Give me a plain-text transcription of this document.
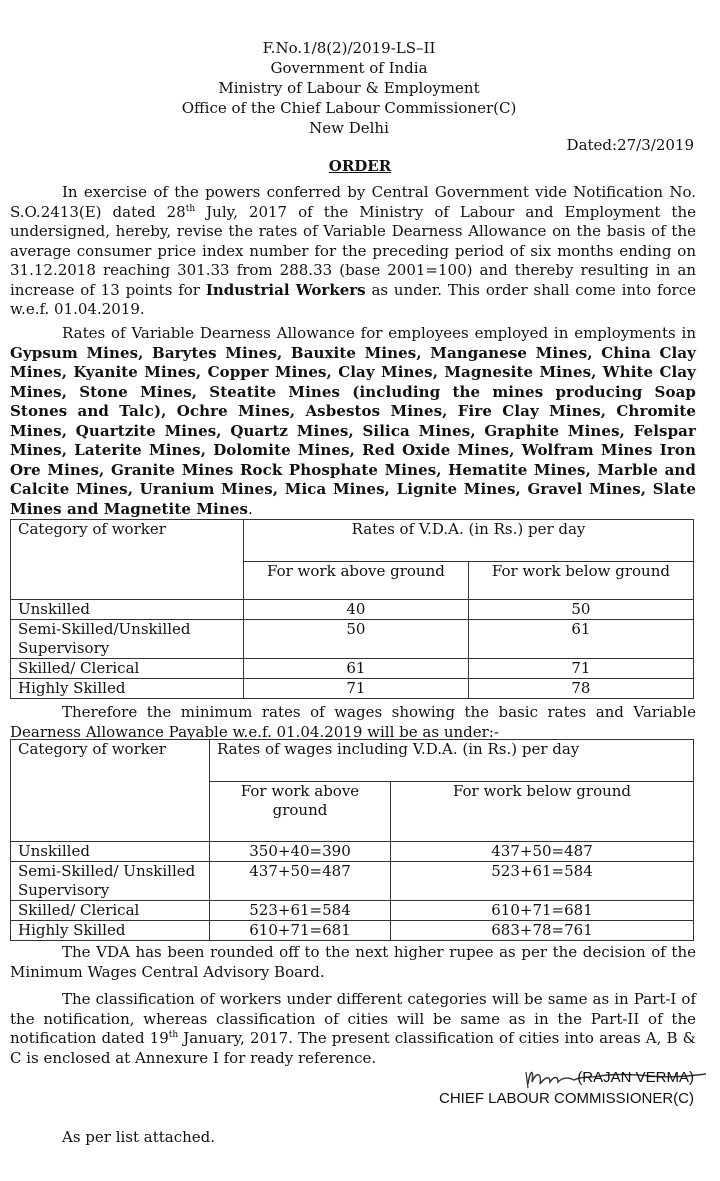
F.No.1/8(2)/2019-LS–II
Government of India
Ministry of Labour & Employment
Office of the Chief Labour Commissioner(C)
New Delhi
Dated:27/3/2019
ORDER
In exercise of the powers conferred by Central Government vide Notification No. S.O.2413(E) dated 28th July, 2017 of the Ministry of Labour and Employment the undersigned, hereby, revise the rates of Variable Dearness Allowance on the basis of the average consumer price index number for the preceding period of six months ending on 31.12.2018 reaching 301.33 from 288.33 (base 2001=100) and thereby resulting in an increase of 13 points for Industrial Workers as under. This order shall come into force w.e.f. 01.04.2019.
Rates of Variable Dearness Allowance for employees employed in employments in Gypsum Mines, Barytes Mines, Bauxite Mines, Manganese Mines, China Clay Mines, Kyanite Mines, Copper Mines, Clay Mines, Magnesite Mines, White Clay Mines, Stone Mines, Steatite Mines (including the mines producing Soap Stones and Talc), Ochre Mines, Asbestos Mines, Fire Clay Mines, Chromite Mines, Quartzite Mines, Quartz Mines, Silica Mines, Graphite Mines, Felspar Mines, Laterite Mines, Dolomite Mines, Red Oxide Mines, Wolfram Mines Iron Ore Mines, Granite Mines Rock Phosphate Mines, Hematite Mines, Marble and Calcite Mines, Uranium Mines, Mica Mines, Lignite Mines, Gravel Mines, Slate Mines and Magnetite Mines.
Category of worker	Rates of V.D.A. (in Rs.) per day	
	For work above ground	For work below ground
Unskilled	40	50
Semi-Skilled/Unskilled Supervisory	50	61
Skilled/ Clerical	61	71
Highly Skilled	71	78
Therefore the minimum rates of wages showing the basic rates and Variable Dearness Allowance Payable w.e.f. 01.04.2019 will be as under:-
Category of worker	Rates of wages including V.D.A. (in Rs.) per day	
	For work above ground	For work below ground
Unskilled	350+40=390	437+50=487
Semi-Skilled/ Unskilled Supervisory	437+50=487	523+61=584
Skilled/ Clerical	523+61=584	610+71=681
Highly Skilled	610+71=681	683+78=761
The VDA has been rounded off to the next higher rupee as per the decision of the Minimum Wages Central Advisory Board.
The classification of workers under different categories will be same as in Part-I of the notification, whereas classification of cities will be same as in the Part-II of the notification dated 19th January, 2017. The present classification of cities into areas A, B & C is enclosed at Annexure I for ready reference.
(RAJAN VERMA)
CHIEF LABOUR COMMISSIONER(C)
As per list attached.
